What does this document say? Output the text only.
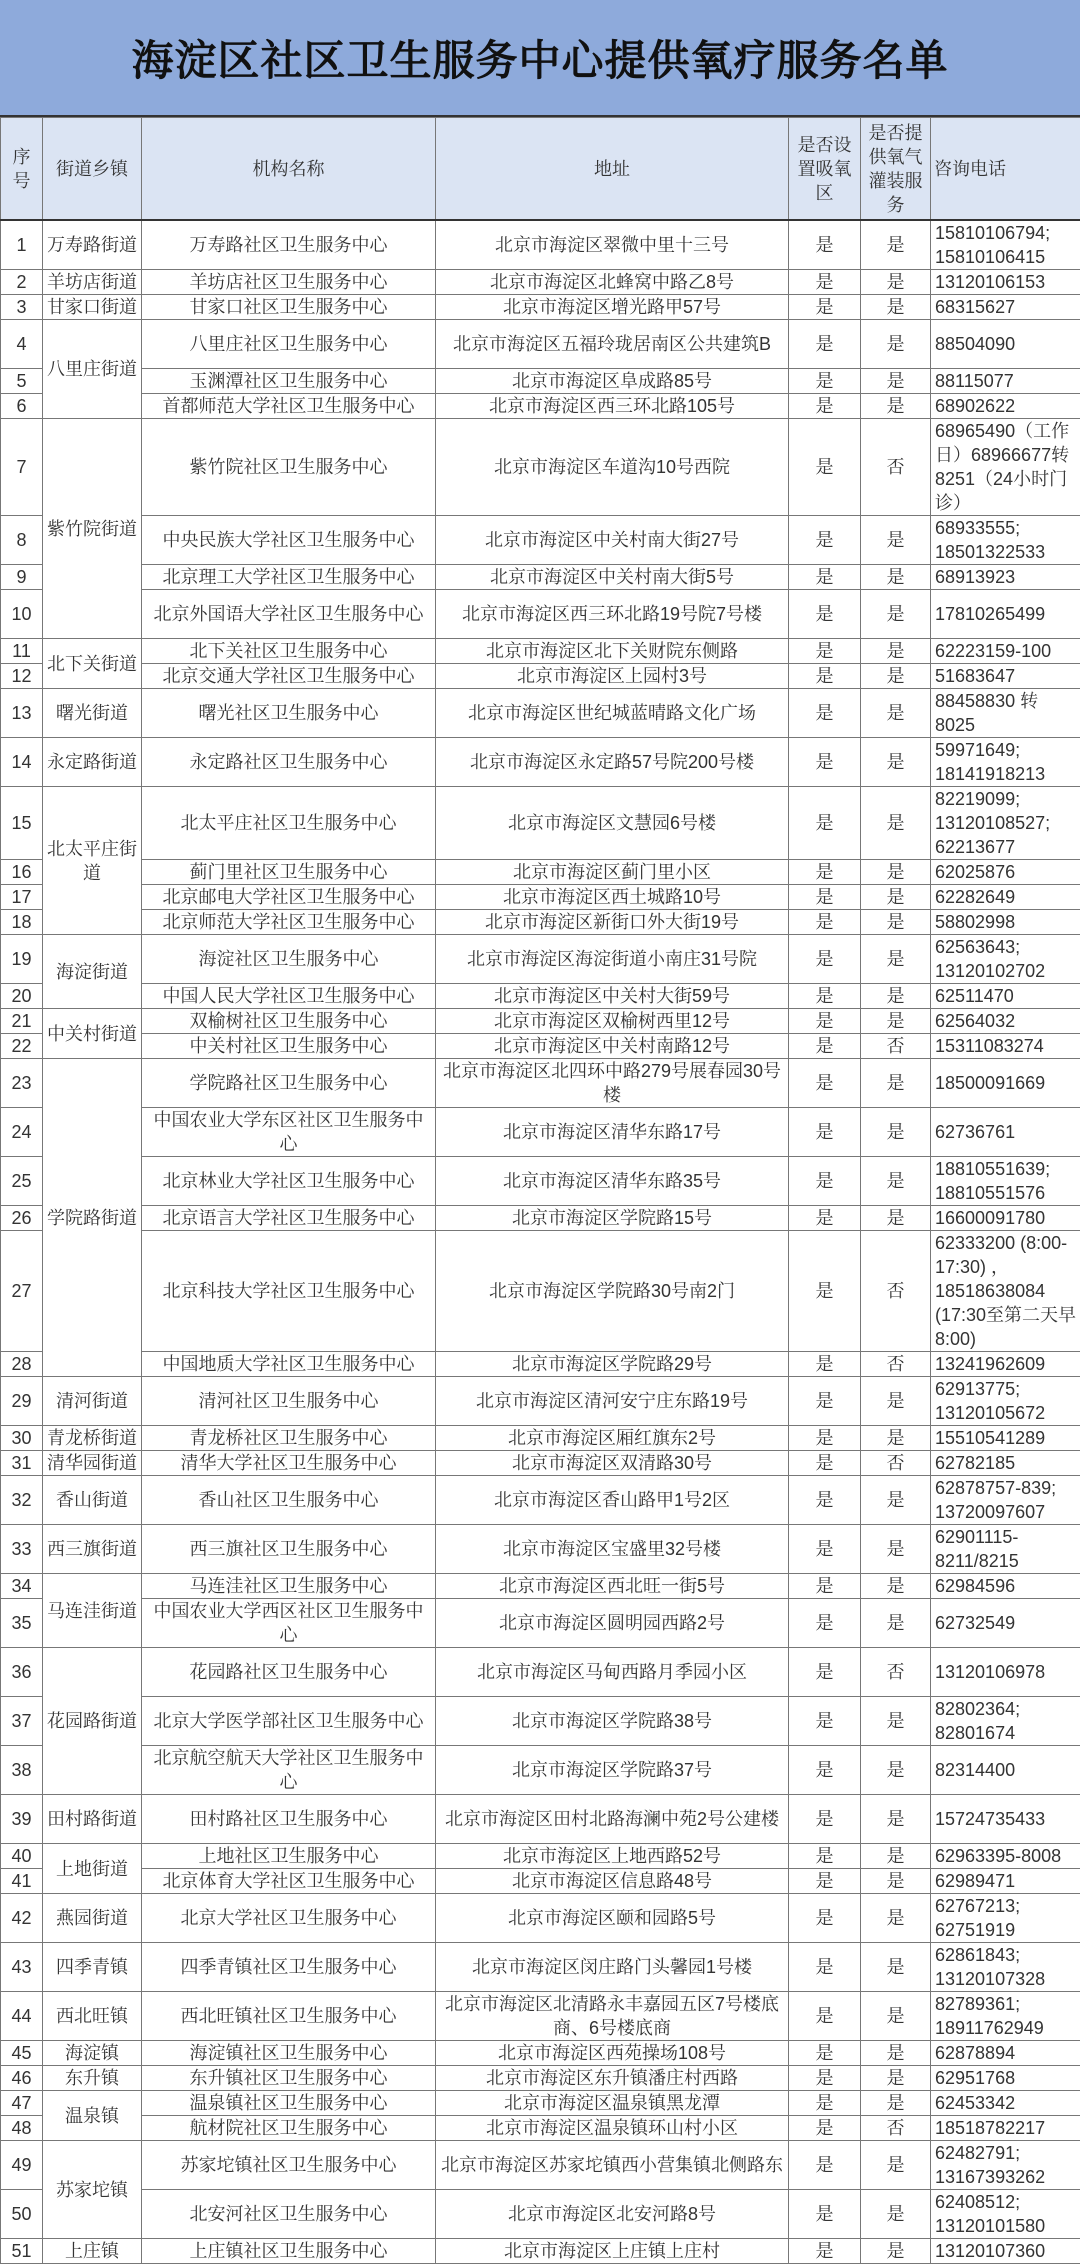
海淀区社区卫生服务中心提供氧疗服务名单
序号	街道乡镇	机构名称	地址	是否设置吸氧区	是否提供氧气灌装服务	咨询电话
1	万寿路街道	万寿路社区卫生服务中心	北京市海淀区翠微中里十三号	是	是	15810106794; 15810106415
2	羊坊店街道	羊坊店社区卫生服务中心	北京市海淀区北蜂窝中路乙8号	是	是	13120106153
3	甘家口街道	甘家口社区卫生服务中心	北京市海淀区增光路甲57号	是	是	68315627
4	八里庄街道	八里庄社区卫生服务中心	北京市海淀区五福玲珑居南区公共建筑B	是	是	88504090
5		玉渊潭社区卫生服务中心	北京市海淀区阜成路85号	是	是	88115077
6		首都师范大学社区卫生服务中心	北京市海淀区西三环北路105号	是	是	68902622
7	紫竹院街道	紫竹院社区卫生服务中心	北京市海淀区车道沟10号西院	是	否	68965490（工作日）68966677转8251（24小时门诊）
8		中央民族大学社区卫生服务中心	北京市海淀区中关村南大街27号	是	是	68933555; 18501322533
9		北京理工大学社区卫生服务中心	北京市海淀区中关村南大街5号	是	是	68913923
10		北京外国语大学社区卫生服务中心	北京市海淀区西三环北路19号院7号楼	是	是	17810265499
11	北下关街道	北下关社区卫生服务中心	北京市海淀区北下关财院东侧路	是	是	62223159-100
12		北京交通大学社区卫生服务中心	北京市海淀区上园村3号	是	是	51683647
13	曙光街道	曙光社区卫生服务中心	北京市海淀区世纪城蓝晴路文化广场	是	是	88458830 转 8025
14	永定路街道	永定路社区卫生服务中心	北京市海淀区永定路57号院200号楼	是	是	59971649; 18141918213
15	北太平庄街道	北太平庄社区卫生服务中心	北京市海淀区文慧园6号楼	是	是	82219099; 13120108527; 62213677
16		蓟门里社区卫生服务中心	北京市海淀区蓟门里小区	是	是	62025876
17		北京邮电大学社区卫生服务中心	北京市海淀区西土城路10号	是	是	62282649
18		北京师范大学社区卫生服务中心	北京市海淀区新街口外大街19号	是	是	58802998
19	海淀街道	海淀社区卫生服务中心	北京市海淀区海淀街道小南庄31号院	是	是	62563643; 13120102702
20		中国人民大学社区卫生服务中心	北京市海淀区中关村大街59号	是	是	62511470
21	中关村街道	双榆树社区卫生服务中心	北京市海淀区双榆树西里12号	是	是	62564032
22		中关村社区卫生服务中心	北京市海淀区中关村南路12号	是	否	15311083274
23	学院路街道	学院路社区卫生服务中心	北京市海淀区北四环中路279号展春园30号楼	是	是	18500091669
24		中国农业大学东区社区卫生服务中心	北京市海淀区清华东路17号	是	是	62736761
25		北京林业大学社区卫生服务中心	北京市海淀区清华东路35号	是	是	18810551639; 18810551576
26		北京语言大学社区卫生服务中心	北京市海淀区学院路15号	是	是	16600091780
27		北京科技大学社区卫生服务中心	北京市海淀区学院路30号南2门	是	否	62333200 (8:00-17:30) ，18518638084 (17:30至第二天早8:00)
28		中国地质大学社区卫生服务中心	北京市海淀区学院路29号	是	否	13241962609
29	清河街道	清河社区卫生服务中心	北京市海淀区清河安宁庄东路19号	是	是	62913775; 13120105672
30	青龙桥街道	青龙桥社区卫生服务中心	北京市海淀区厢红旗东2号	是	是	15510541289
31	清华园街道	清华大学社区卫生服务中心	北京市海淀区双清路30号	是	否	62782185
32	香山街道	香山社区卫生服务中心	北京市海淀区香山路甲1号2区	是	是	62878757-839; 13720097607
33	西三旗街道	西三旗社区卫生服务中心	北京市海淀区宝盛里32号楼	是	是	62901115- 8211/8215
34	马连洼街道	马连洼社区卫生服务中心	北京市海淀区西北旺一街5号	是	是	62984596
35		中国农业大学西区社区卫生服务中心	北京市海淀区圆明园西路2号	是	是	62732549
36	花园路街道	花园路社区卫生服务中心	北京市海淀区马甸西路月季园小区	是	否	13120106978
37		北京大学医学部社区卫生服务中心	北京市海淀区学院路38号	是	是	82802364; 82801674
38		北京航空航天大学社区卫生服务中心	北京市海淀区学院路37号	是	是	82314400
39	田村路街道	田村路社区卫生服务中心	北京市海淀区田村北路海澜中苑2号公建楼	是	是	15724735433
40	上地街道	上地社区卫生服务中心	北京市海淀区上地西路52号	是	是	62963395-8008
41		北京体育大学社区卫生服务中心	北京市海淀区信息路48号	是	是	62989471
42	燕园街道	北京大学社区卫生服务中心	北京市海淀区颐和园路5号	是	是	62767213; 62751919
43	四季青镇	四季青镇社区卫生服务中心	北京市海淀区闵庄路门头馨园1号楼	是	是	62861843; 13120107328
44	西北旺镇	西北旺镇社区卫生服务中心	北京市海淀区北清路永丰嘉园五区7号楼底商、6号楼底商	是	是	82789361; 18911762949
45	海淀镇	海淀镇社区卫生服务中心	北京市海淀区西苑操场108号	是	是	62878894
46	东升镇	东升镇社区卫生服务中心	北京市海淀区东升镇潘庄村西路	是	是	62951768
47	温泉镇	温泉镇社区卫生服务中心	北京市海淀区温泉镇黑龙潭	是	是	62453342
48		航材院社区卫生服务中心	北京市海淀区温泉镇环山村小区	是	否	18518782217
49	苏家坨镇	苏家坨镇社区卫生服务中心	北京市海淀区苏家坨镇西小营集镇北侧路东	是	是	62482791; 13167393262
50		北安河社区卫生服务中心	北京市海淀区北安河路8号	是	是	62408512; 13120101580
51	上庄镇	上庄镇社区卫生服务中心	北京市海淀区上庄镇上庄村	是	是	13120107360
